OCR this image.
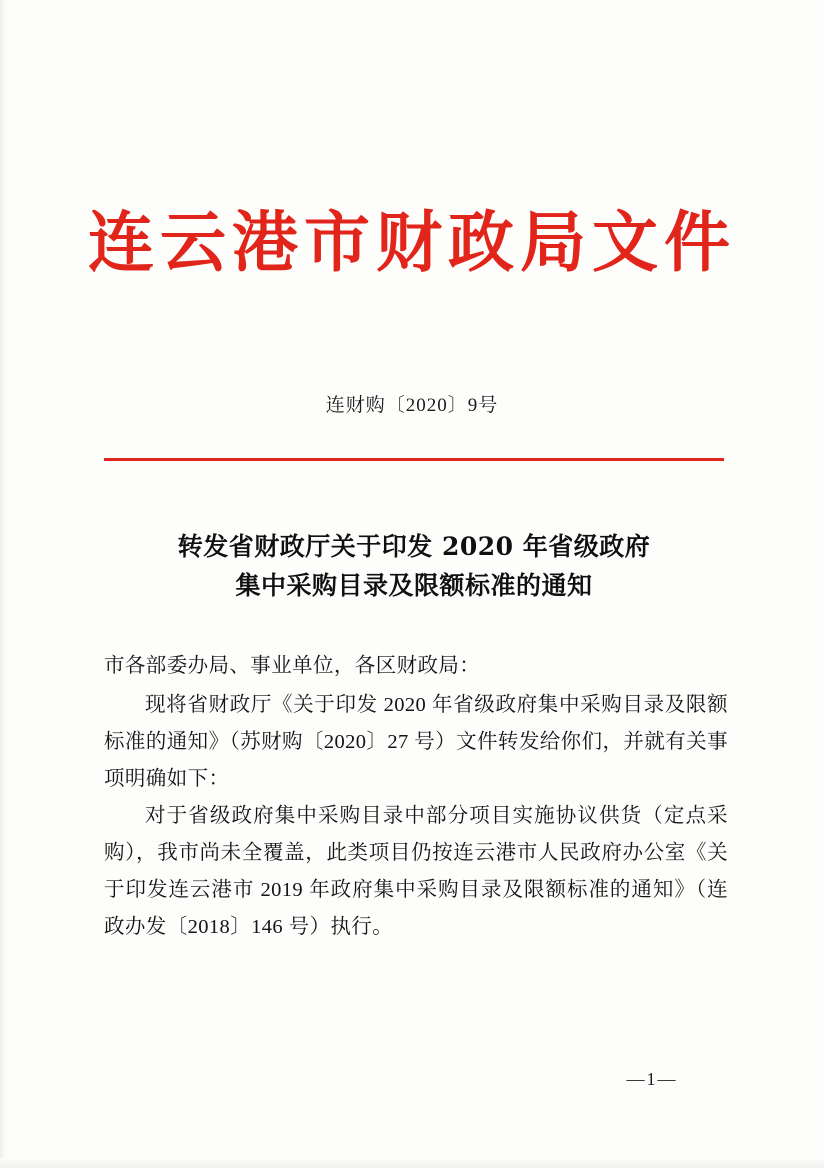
连云港市财政局文件
连财购〔2020〕9号
转发省财政厅关于印发 2020 年省级政府
集中采购目录及限额标准的通知
市各部委办局、事业单位，各区财政局：

现将省财政厅《关于印发 2020 年省级政府集中采购目录及限额标准的通知》（苏财购〔2020〕27 号）文件转发给你们，并就有关事项明确如下：

对于省级政府集中采购目录中部分项目实施协议供货（定点采购），我市尚未全覆盖，此类项目仍按连云港市人民政府办公室《关于印发连云港市 2019 年政府集中采购目录及限额标准的通知》（连政办发〔2018〕146 号）执行。

—1—
